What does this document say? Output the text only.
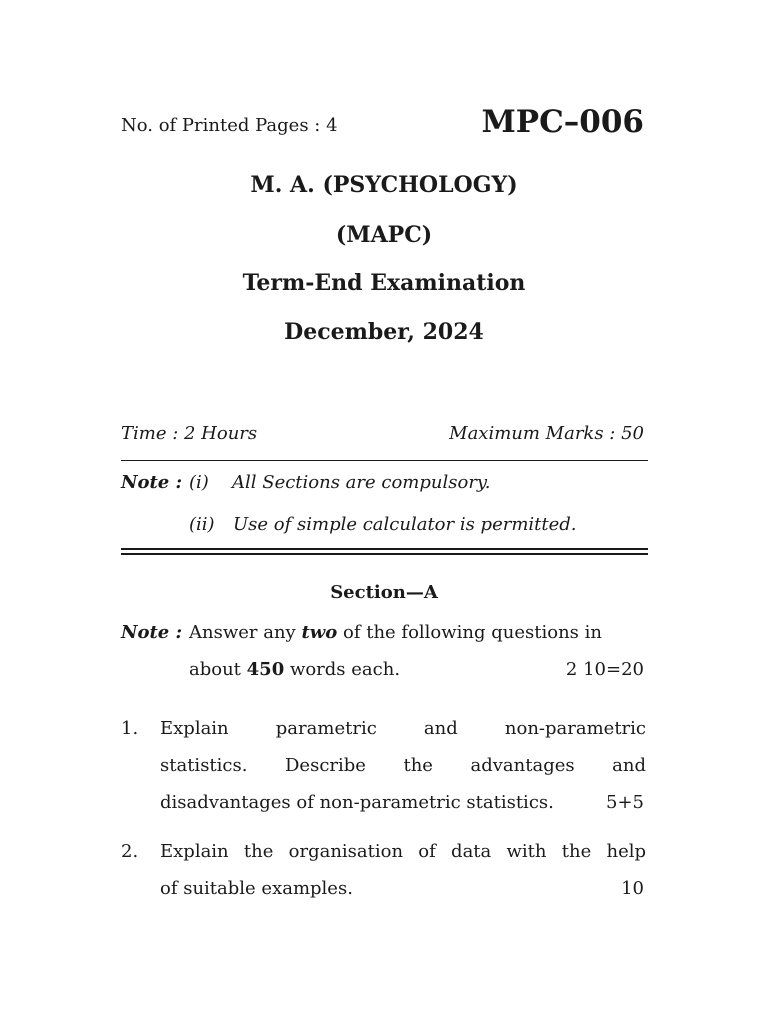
No. of Printed Pages : 4	MPC–006
M. A. (PSYCHOLOGY)
(MAPC)
Term-End Examination
December, 2024
Time : 2 Hours	Maximum Marks : 50
Note : (i) All Sections are compulsory.
(ii) Use of simple calculator is permitted.
Section—A
Note : Answer any two of the following questions in
about 450 words each.	2 10=20
1. Explain parametric and non-parametric
statistics. Describe the advantages and
disadvantages of non-parametric statistics.	5+5
2. Explain the organisation of data with the help
of suitable examples.	10
